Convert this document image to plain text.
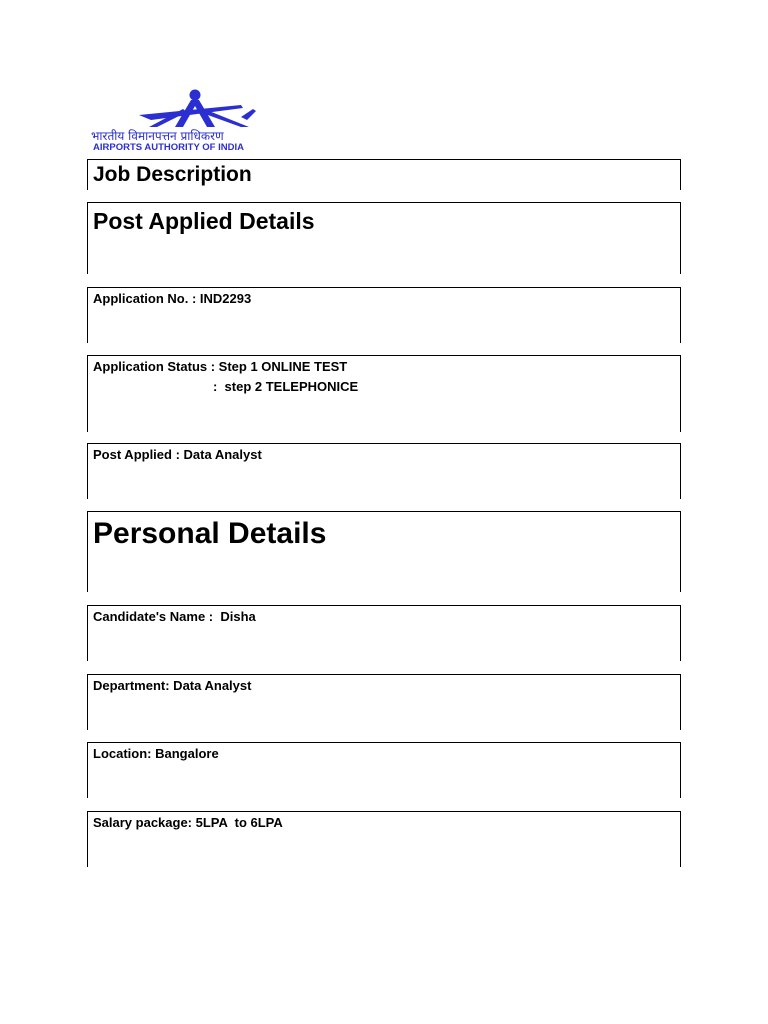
भारतीय विमानपत्तन प्राधिकरण
AIRPORTS AUTHORITY OF INDIA
Job Description
Post Applied Details
Application No. : IND2293
Application Status : Step 1 ONLINE TEST
:  step 2 TELEPHONICE
Post Applied : Data Analyst
Personal Details
Candidate's Name :  Disha
Department: Data Analyst
Location: Bangalore
Salary package: 5LPA  to 6LPA
